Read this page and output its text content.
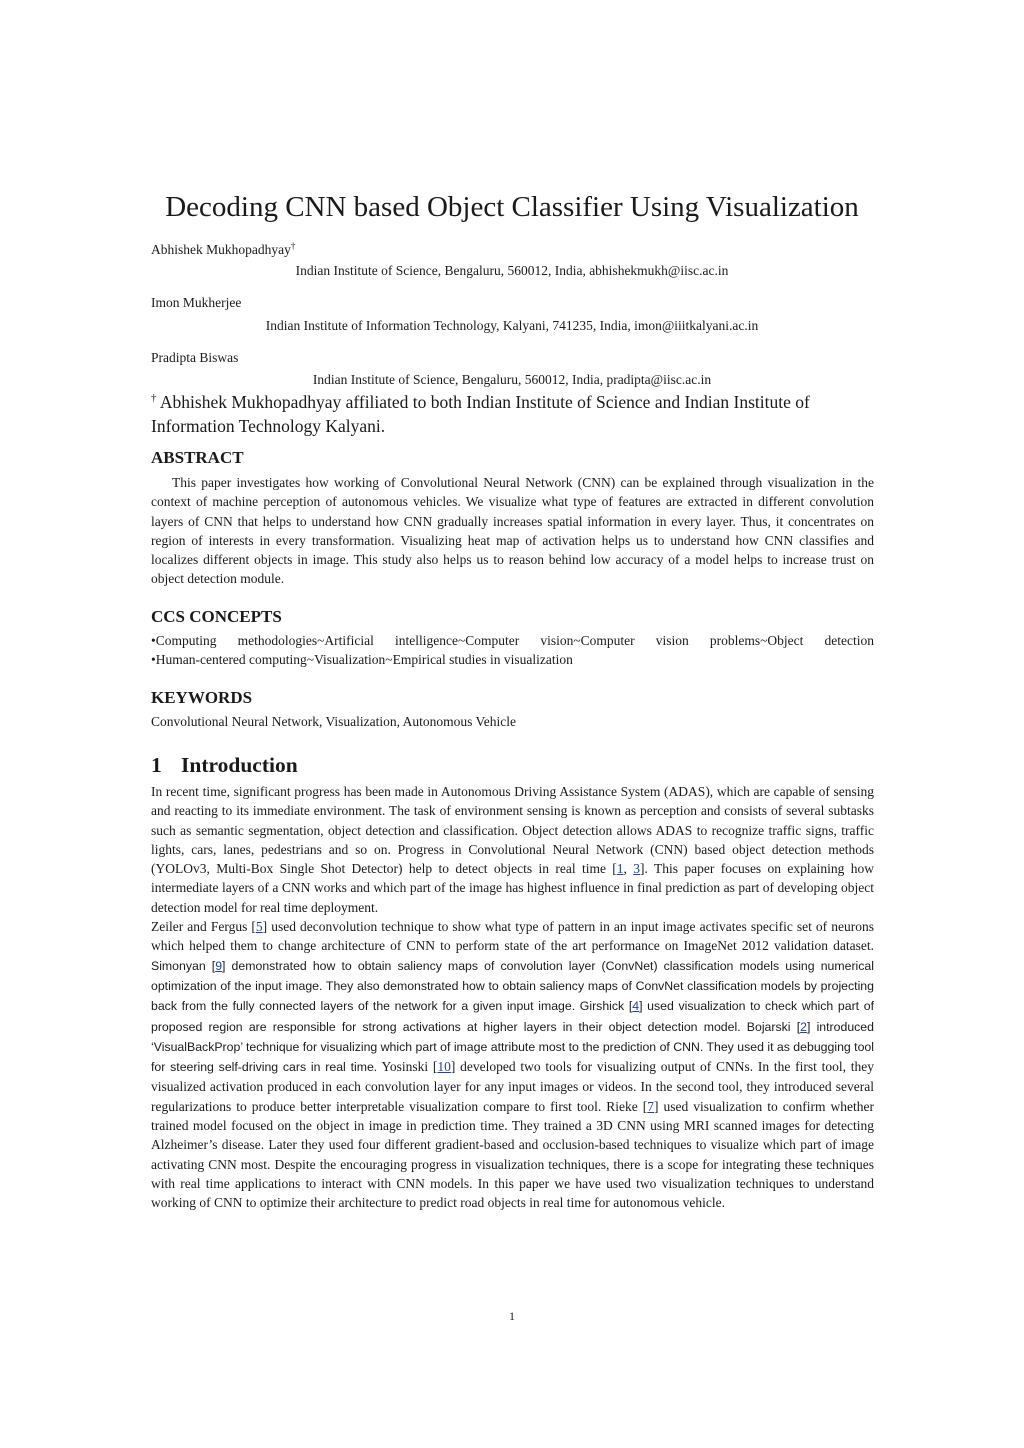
Decoding CNN based Object Classifier Using Visualization
Abhishek Mukhopadhyay†
Indian Institute of Science, Bengaluru, 560012, India, abhishekmukh@iisc.ac.in
Imon Mukherjee
Indian Institute of Information Technology, Kalyani, 741235, India, imon@iiitkalyani.ac.in
Pradipta Biswas
Indian Institute of Science, Bengaluru, 560012, India, pradipta@iisc.ac.in
† Abhishek Mukhopadhyay affiliated to both Indian Institute of Science and Indian Institute of Information Technology Kalyani.
ABSTRACT

This paper investigates how working of Convolutional Neural Network (CNN) can be explained through visualization in the context of machine perception of autonomous vehicles. We visualize what type of features are extracted in different convolution layers of CNN that helps to understand how CNN gradually increases spatial information in every layer. Thus, it concentrates on region of interests in every transformation. Visualizing heat map of activation helps us to understand how CNN classifies and localizes different objects in image. This study also helps us to reason behind low accuracy of a model helps to increase trust on object detection module.

CCS CONCEPTS
•Computing methodologies~Artificial intelligence~Computer vision~Computer vision problems~Object detection
•Human-centered computing~Visualization~Empirical studies in visualization
KEYWORDS

Convolutional Neural Network, Visualization, Autonomous Vehicle

1 Introduction
In recent time, significant progress has been made in Autonomous Driving Assistance System (ADAS), which are capable of sensing and reacting to its immediate environment. The task of environment sensing is known as perception and consists of several subtasks such as semantic segmentation, object detection and classification. Object detection allows ADAS to recognize traffic signs, traffic lights, cars, lanes, pedestrians and so on. Progress in Convolutional Neural Network (CNN) based object detection methods (YOLOv3, Multi-Box Single Shot Detector) help to detect objects in real time [1, 3]. This paper focuses on explaining how intermediate layers of a CNN works and which part of the image has highest influence in final prediction as part of developing object detection model for real time deployment.
Zeiler and Fergus [5] used deconvolution technique to show what type of pattern in an input image activates specific set of neurons which helped them to change architecture of CNN to perform state of the art performance on ImageNet 2012 validation dataset. Simonyan [9] demonstrated how to obtain saliency maps of convolution layer (ConvNet) classification models using numerical optimization of the input image. They also demonstrated how to obtain saliency maps of ConvNet classification models by projecting back from the fully connected layers of the network for a given input image. Girshick [4] used visualization to check which part of proposed region are responsible for strong activations at higher layers in their object detection model. Bojarski [2] introduced ‘VisualBackProp’ technique for visualizing which part of image attribute most to the prediction of CNN. They used it as debugging tool for steering self-driving cars in real time. Yosinski [10] developed two tools for visualizing output of CNNs. In the first tool, they visualized activation produced in each convolution layer for any input images or videos. In the second tool, they introduced several regularizations to produce better interpretable visualization compare to first tool. Rieke [7] used visualization to confirm whether trained model focused on the object in image in prediction time. They trained a 3D CNN using MRI scanned images for detecting Alzheimer’s disease. Later they used four different gradient-based and occlusion-based techniques to visualize which part of image activating CNN most. Despite the encouraging progress in visualization techniques, there is a scope for integrating these techniques with real time applications to interact with CNN models. In this paper we have used two visualization techniques to understand working of CNN to optimize their architecture to predict road objects in real time for autonomous vehicle.
1
